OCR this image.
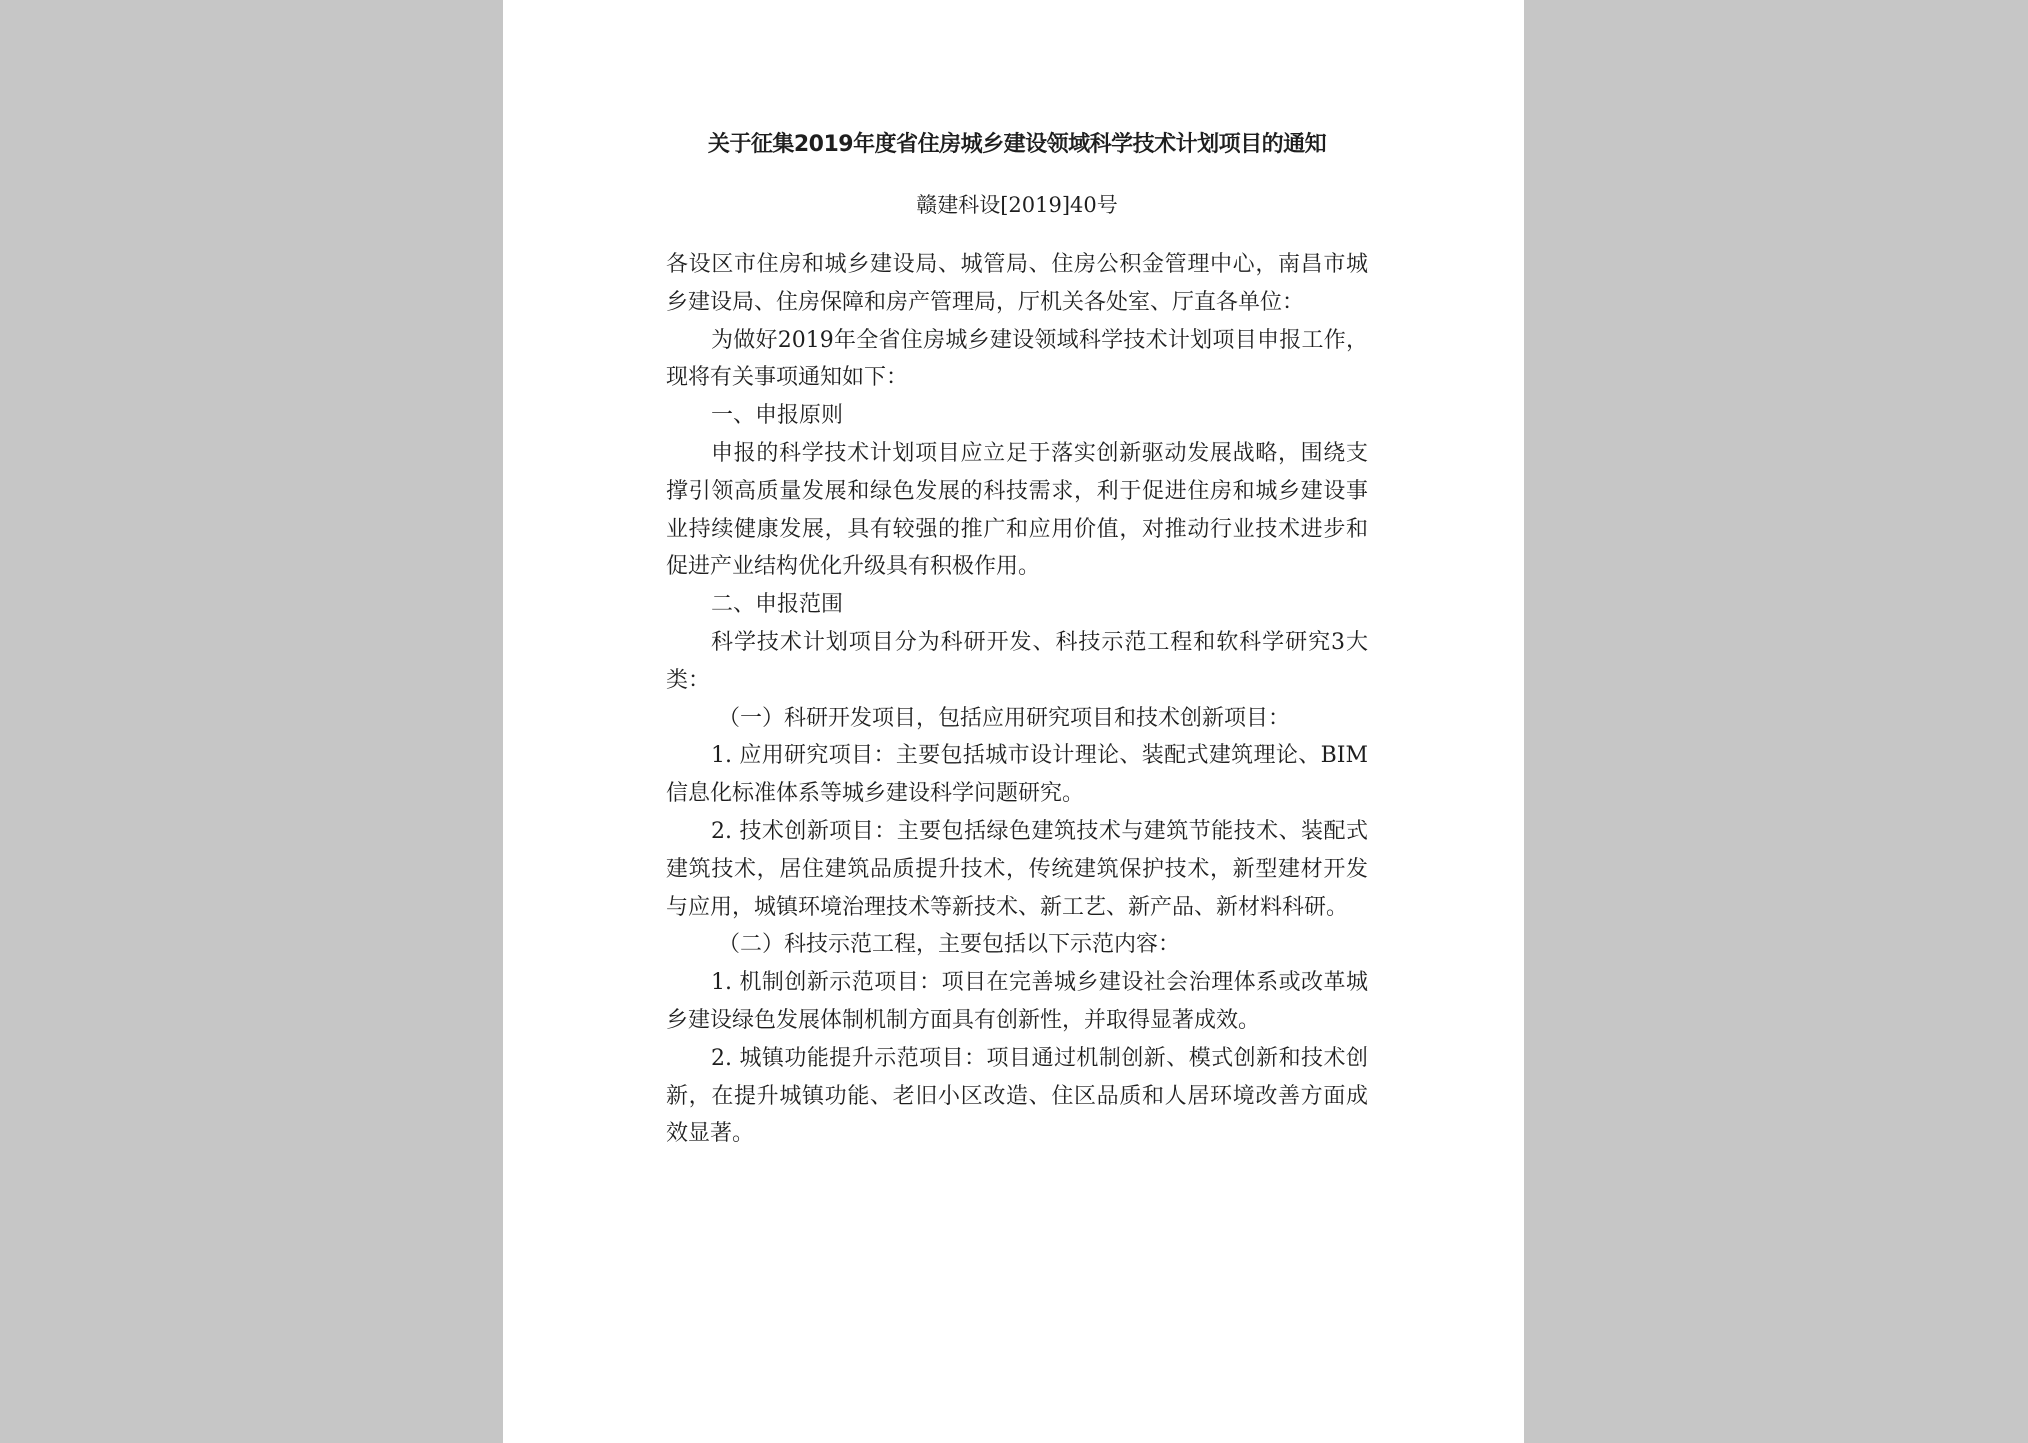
关于征集2019年度省住房城乡建设领域科学技术计划项目的通知
赣建科设[2019]40号

各设区市住房和城乡建设局、城管局、住房公积金管理中心，南昌市城乡建设局、住房保障和房产管理局，厅机关各处室、厅直各单位：

为做好2019年全省住房城乡建设领域科学技术计划项目申报工作，现将有关事项通知如下：

一、申报原则

申报的科学技术计划项目应立足于落实创新驱动发展战略，围绕支撑引领高质量发展和绿色发展的科技需求，利于促进住房和城乡建设事业持续健康发展，具有较强的推广和应用价值，对推动行业技术进步和促进产业结构优化升级具有积极作用。

二、申报范围

科学技术计划项目分为科研开发、科技示范工程和软科学研究3大类：

（一）科研开发项目，包括应用研究项目和技术创新项目：

1. 应用研究项目：主要包括城市设计理论、装配式建筑理论、BIM信息化标准体系等城乡建设科学问题研究。

2. 技术创新项目：主要包括绿色建筑技术与建筑节能技术、装配式建筑技术，居住建筑品质提升技术，传统建筑保护技术，新型建材开发与应用，城镇环境治理技术等新技术、新工艺、新产品、新材料科研。

（二）科技示范工程，主要包括以下示范内容：

1. 机制创新示范项目：项目在完善城乡建设社会治理体系或改革城乡建设绿色发展体制机制方面具有创新性，并取得显著成效。

2. 城镇功能提升示范项目：项目通过机制创新、模式创新和技术创新，在提升城镇功能、老旧小区改造、住区品质和人居环境改善方面成效显著。
